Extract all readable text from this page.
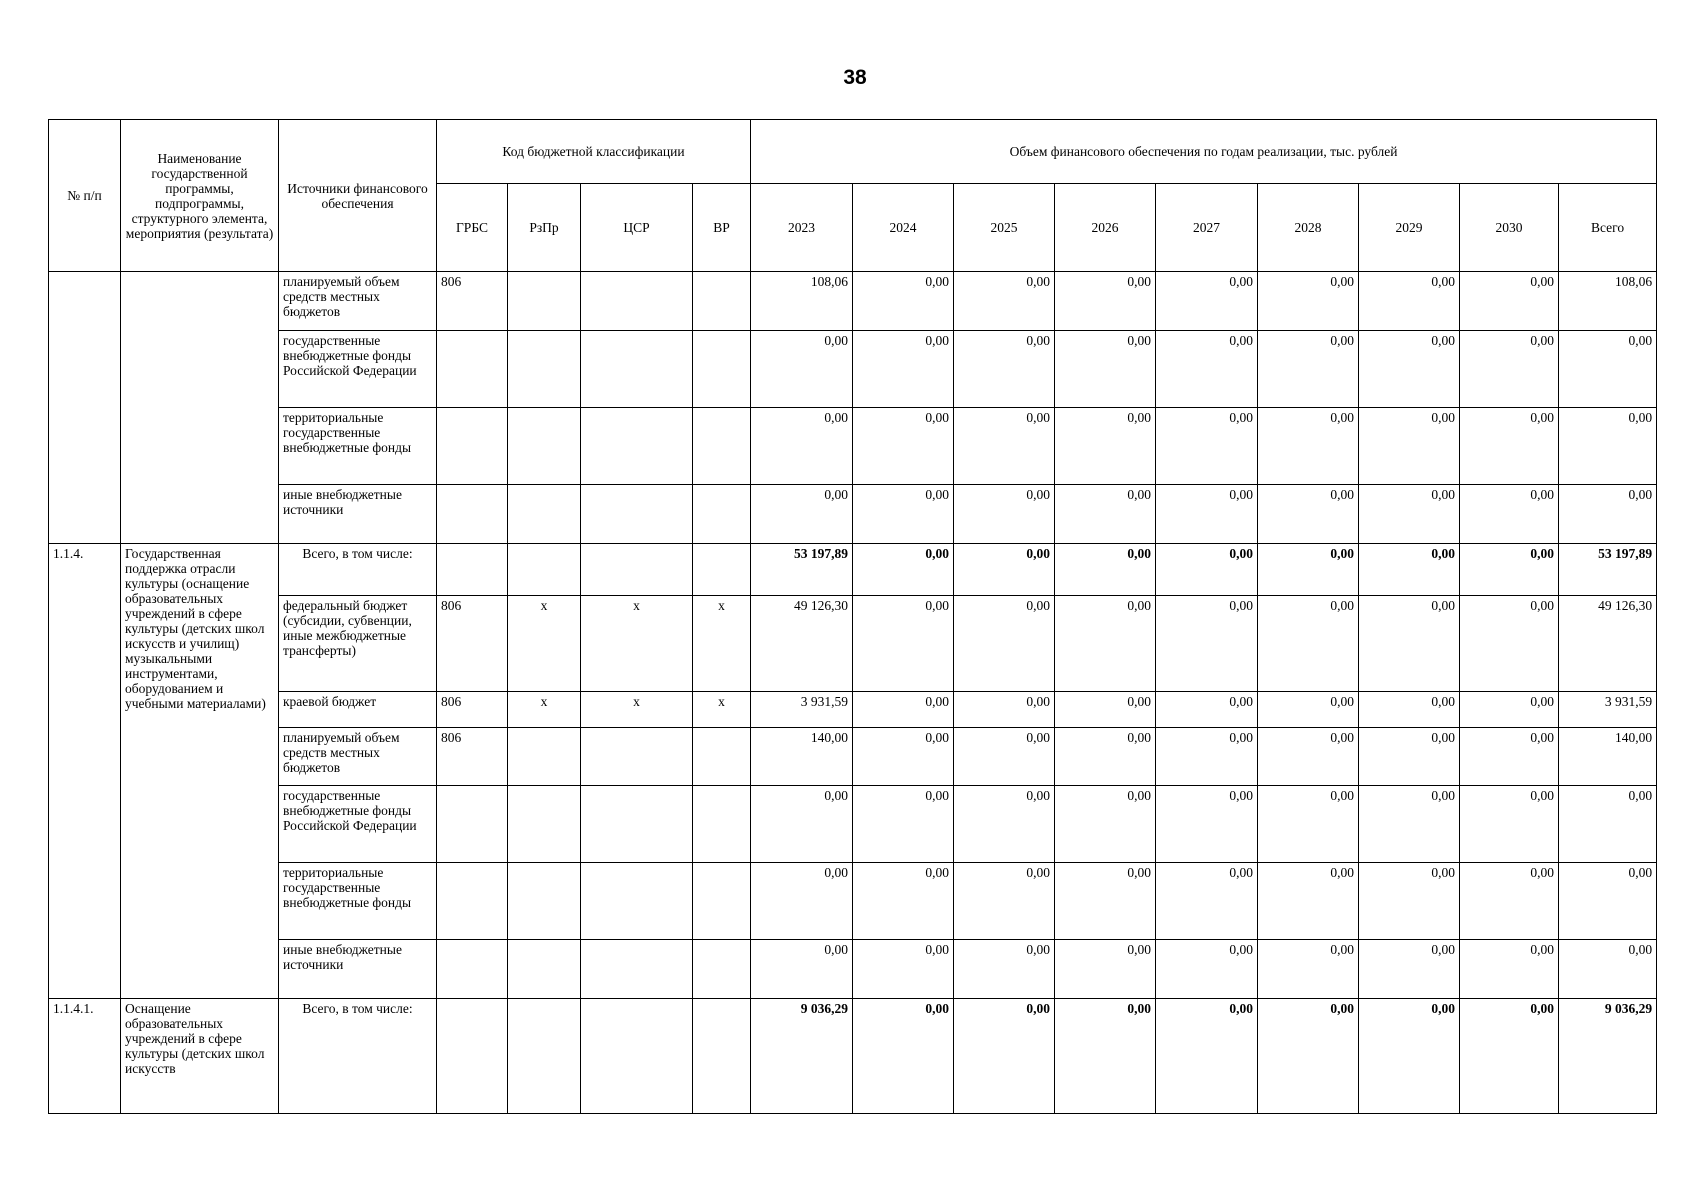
38
№ п/п	Наименование государственной программы, подпрограммы, структурного элемента, мероприятия (результата)	Источники финансового обеспечения	Код бюджетной классификации				Объем финансового обеспечения по годам реализации, тыс. рублей								
			ГРБС	РзПр	ЦСР	ВР	2023	2024	2025	2026	2027	2028	2029	2030	Всего
		планируемый объем средств местных бюджетов	806				108,06	0,00	0,00	0,00	0,00	0,00	0,00	0,00	108,06
		государственные внебюджетные фонды Российской Федерации					0,00	0,00	0,00	0,00	0,00	0,00	0,00	0,00	0,00
		территориальные государственные внебюджетные фонды					0,00	0,00	0,00	0,00	0,00	0,00	0,00	0,00	0,00
		иные внебюджетные источники					0,00	0,00	0,00	0,00	0,00	0,00	0,00	0,00	0,00
1.1.4.	Государственная поддержка отрасли культуры (оснащение образовательных учреждений в сфере культуры (детских школ искусств и училищ) музыкальными инструментами, оборудованием и учебными материалами)	Всего, в том числе:					53 197,89	0,00	0,00	0,00	0,00	0,00	0,00	0,00	53 197,89
		федеральный бюджет (субсидии, субвенции, иные межбюджетные трансферты)	806	x	x	x	49 126,30	0,00	0,00	0,00	0,00	0,00	0,00	0,00	49 126,30
		краевой бюджет	806	x	x	x	3 931,59	0,00	0,00	0,00	0,00	0,00	0,00	0,00	3 931,59
		планируемый объем средств местных бюджетов	806				140,00	0,00	0,00	0,00	0,00	0,00	0,00	0,00	140,00
		государственные внебюджетные фонды Российской Федерации					0,00	0,00	0,00	0,00	0,00	0,00	0,00	0,00	0,00
		территориальные государственные внебюджетные фонды					0,00	0,00	0,00	0,00	0,00	0,00	0,00	0,00	0,00
		иные внебюджетные источники					0,00	0,00	0,00	0,00	0,00	0,00	0,00	0,00	0,00
1.1.4.1.	Оснащение образовательных учреждений в сфере культуры (детских школ искусств	Всего, в том числе:					9 036,29	0,00	0,00	0,00	0,00	0,00	0,00	0,00	9 036,29
